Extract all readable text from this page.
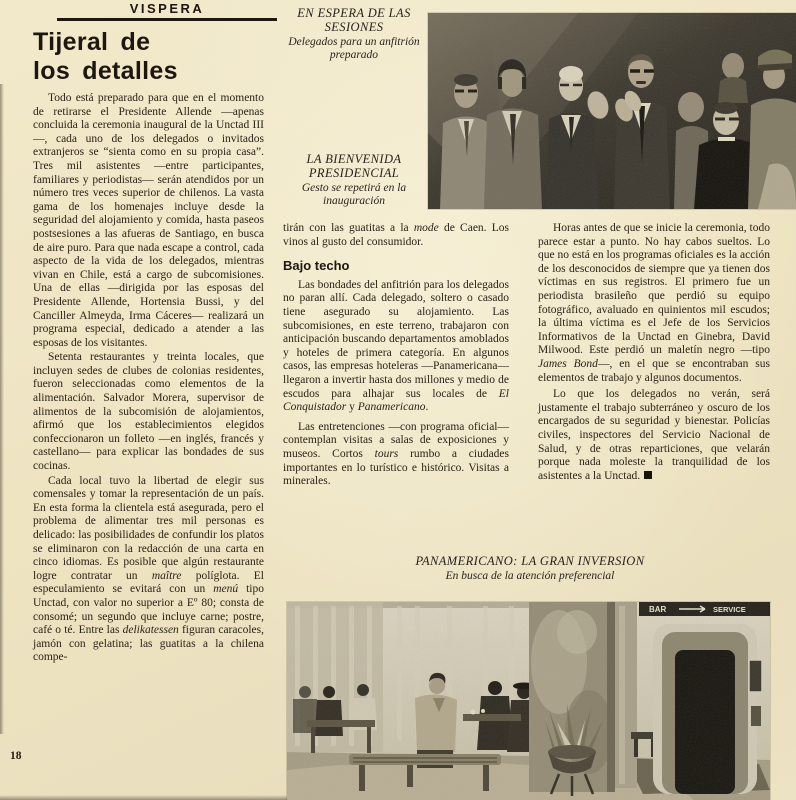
VISPERA
Tijeral de
los detalles

Todo está preparado para que en el momento de retirarse el Presidente Allende —apenas concluida la ceremonia inaugural de la Unctad III—, cada uno de los delegados o invitados extranjeros se “sienta como en su propia casa”. Tres mil asistentes —entre participantes, familiares y periodistas— serán atendidos por un número tres veces superior de chilenos. La vasta gama de los homenajes incluye desde la seguridad del alojamiento y comida, hasta paseos postsesiones a las afueras de Santiago, en busca de aire puro. Para que nada escape a control, cada aspecto de la vida de los delegados, mientras vivan en Chile, está a cargo de subcomisiones. Una de ellas —dirigida por las esposas del Presidente Allende, Hortensia Bussi, y del Canciller Almeyda, Irma Cáceres— realizará un programa especial, dedicado a atender a las esposas de los visitantes.

Setenta restaurantes y treinta locales, que incluyen sedes de clubes de colonias residentes, fueron seleccionadas como elementos de la alimentación. Salvador Morera, supervisor de alimentos de la subcomisión de alojamientos, afirmó que los establecimientos elegidos confeccionaron un folleto —en inglés, francés y castellano— para explicar las bondades de sus cocinas.

Cada local tuvo la libertad de elegir sus comensales y tomar la representación de un país. En esta forma la clientela está asegurada, pero el problema de alimentar tres mil personas es delicado: las posibilidades de confundir los platos se eliminaron con la redacción de una carta en cinco idiomas. Es posible que algún restaurante logre contratar un maître políglota. El especulamiento se evitará con un menú tipo Unctad, con valor no superior a Eº 80; consta de consomé; un segundo que incluye carne; postre, café o té. Entre las delikatessen figuran caracoles, jamón con gelatina; las guatitas a la chilena compe-

EN ESPERA DE LAS SESIONES
Delegados para un anfitrión preparado
LA BIENVENIDA PRESIDENCIAL
Gesto se repetirá en la inauguración

tirán con las guatitas a la mode de Caen. Los vinos al gusto del consumidor.

Bajo techo

Las bondades del anfitrión para los delegados no paran allí. Cada delegado, soltero o casado tiene asegurado su alojamiento. Las subcomisiones, en este terreno, trabajaron con anticipación buscando departamentos amoblados y hoteles de primera categoría. En algunos casos, las empresas hoteleras —Panamericana— llegaron a invertir hasta dos millones y medio de escudos para alhajar sus locales de El Conquistador y Panamericano.

Las entretenciones —con programa oficial— contemplan visitas a salas de exposiciones y museos. Cortos tours rumbo a ciudades importantes en lo turístico e histórico. Visitas a minerales.

Horas antes de que se inicie la ceremonia, todo parece estar a punto. No hay cabos sueltos. Lo que no está en los programas oficiales es la acción de los desconocidos de siempre que ya tienen dos víctimas en sus registros. El primero fue un periodista brasileño que perdió su equipo fotográfico, avaluado en quinientos mil escudos; la última víctima es el Jefe de los Servicios Informativos de la Unctad en Ginebra, David Milwood. Este perdió un maletín negro —tipo James Bond—, en el que se encontraban sus elementos de trabajo y algunos documentos.

Lo que los delegados no verán, será justamente el trabajo subterráneo y oscuro de los encargados de su seguridad y bienestar. Policías civiles, inspectores del Servicio Nacional de Salud, y de otras reparticiones, que velarán porque nada moleste la tranquilidad de los asistentes a la Unctad.

PANAMERICANO: LA GRAN INVERSION
En busca de la atención preferencial
18
